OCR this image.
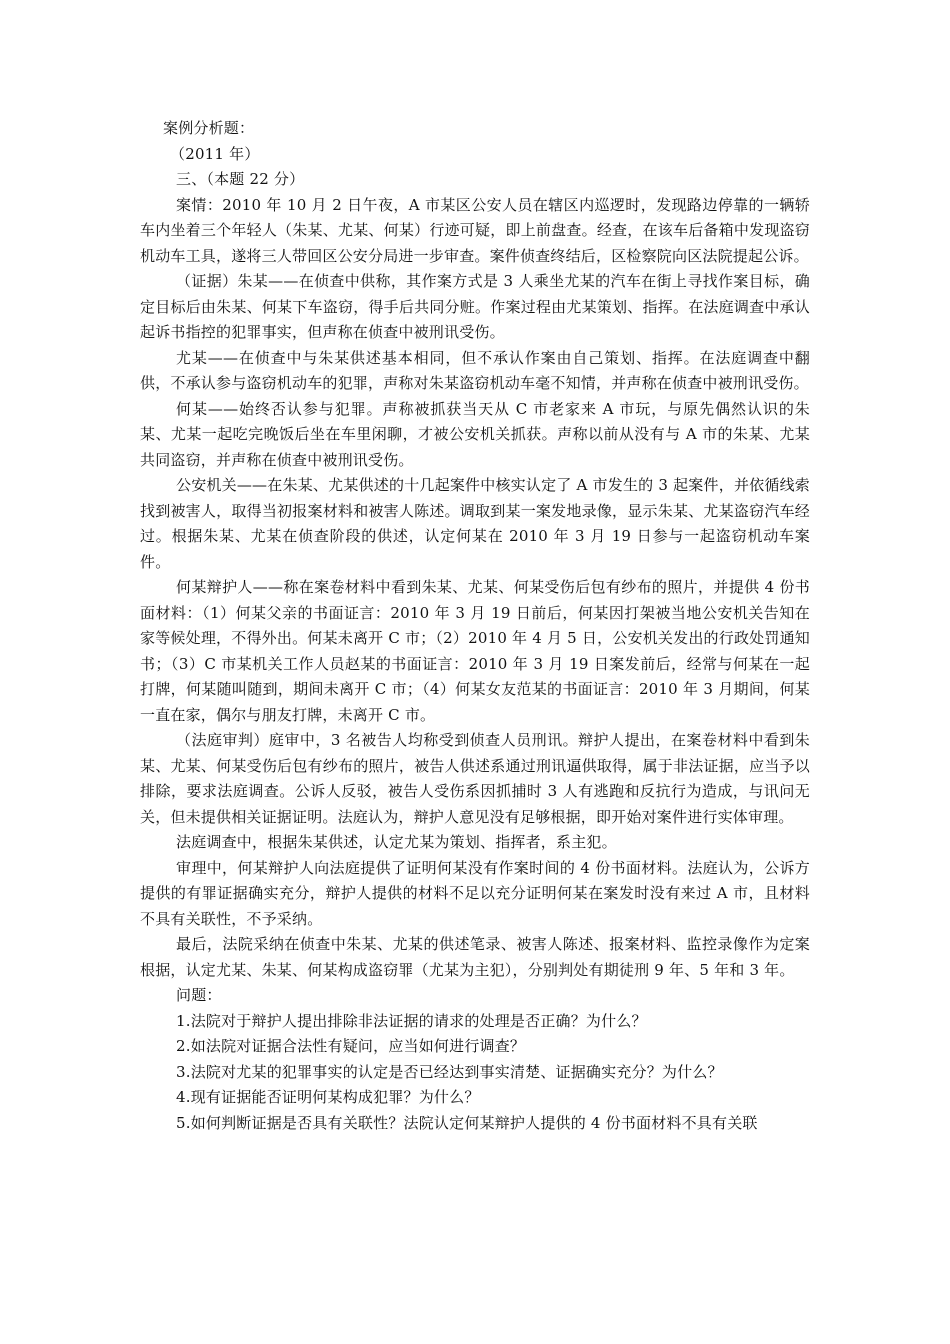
案例分析题：

（2011 年）

三、（本题 22 分）

案情：2010 年 10 月 2 日午夜，A 市某区公安人员在辖区内巡逻时，发现路边停靠的一辆轿车内坐着三个年轻人（朱某、尤某、何某）行迹可疑，即上前盘查。经查，在该车后备箱中发现盗窃机动车工具，遂将三人带回区公安分局进一步审查。案件侦查终结后，区检察院向区法院提起公诉。

（证据）朱某——在侦查中供称，其作案方式是 3 人乘坐尤某的汽车在街上寻找作案目标，确定目标后由朱某、何某下车盗窃，得手后共同分赃。作案过程由尤某策划、指挥。在法庭调查中承认起诉书指控的犯罪事实，但声称在侦查中被刑讯受伤。

尤某——在侦查中与朱某供述基本相同，但不承认作案由自己策划、指挥。在法庭调查中翻供，不承认参与盗窃机动车的犯罪，声称对朱某盗窃机动车毫不知情，并声称在侦查中被刑讯受伤。

何某——始终否认参与犯罪。声称被抓获当天从 C 市老家来 A 市玩，与原先偶然认识的朱某、尤某一起吃完晚饭后坐在车里闲聊，才被公安机关抓获。声称以前从没有与 A 市的朱某、尤某共同盗窃，并声称在侦查中被刑讯受伤。

公安机关——在朱某、尤某供述的十几起案件中核实认定了 A 市发生的 3 起案件，并依循线索找到被害人，取得当初报案材料和被害人陈述。调取到某一案发地录像，显示朱某、尤某盗窃汽车经过。根据朱某、尤某在侦查阶段的供述，认定何某在 2010 年 3 月 19 日参与一起盗窃机动车案件。

何某辩护人——称在案卷材料中看到朱某、尤某、何某受伤后包有纱布的照片，并提供 4 份书面材料：（1）何某父亲的书面证言：2010 年 3 月 19 日前后，何某因打架被当地公安机关告知在家等候处理，不得外出。何某未离开 C 市；（2）2010 年 4 月 5 日，公安机关发出的行政处罚通知书；（3）C 市某机关工作人员赵某的书面证言：2010 年 3 月 19 日案发前后，经常与何某在一起打牌，何某随叫随到，期间未离开 C 市；（4）何某女友范某的书面证言：2010 年 3 月期间，何某一直在家，偶尔与朋友打牌，未离开 C 市。

（法庭审判）庭审中，3 名被告人均称受到侦查人员刑讯。辩护人提出，在案卷材料中看到朱某、尤某、何某受伤后包有纱布的照片，被告人供述系通过刑讯逼供取得，属于非法证据，应当予以排除，要求法庭调查。公诉人反驳，被告人受伤系因抓捕时 3 人有逃跑和反抗行为造成，与讯问无关，但未提供相关证据证明。法庭认为，辩护人意见没有足够根据，即开始对案件进行实体审理。

法庭调查中，根据朱某供述，认定尤某为策划、指挥者，系主犯。

审理中，何某辩护人向法庭提供了证明何某没有作案时间的 4 份书面材料。法庭认为，公诉方提供的有罪证据确实充分，辩护人提供的材料不足以充分证明何某在案发时没有来过 A 市，且材料不具有关联性，不予采纳。

最后，法院采纳在侦查中朱某、尤某的供述笔录、被害人陈述、报案材料、监控录像作为定案根据，认定尤某、朱某、何某构成盗窃罪（尤某为主犯），分别判处有期徒刑 9 年、5 年和 3 年。

问题：

1.法院对于辩护人提出排除非法证据的请求的处理是否正确？为什么？

2.如法院对证据合法性有疑问，应当如何进行调查？

3.法院对尤某的犯罪事实的认定是否已经达到事实清楚、证据确实充分？为什么？

4.现有证据能否证明何某构成犯罪？为什么？

5.如何判断证据是否具有关联性？法院认定何某辩护人提供的 4 份书面材料不具有关联
